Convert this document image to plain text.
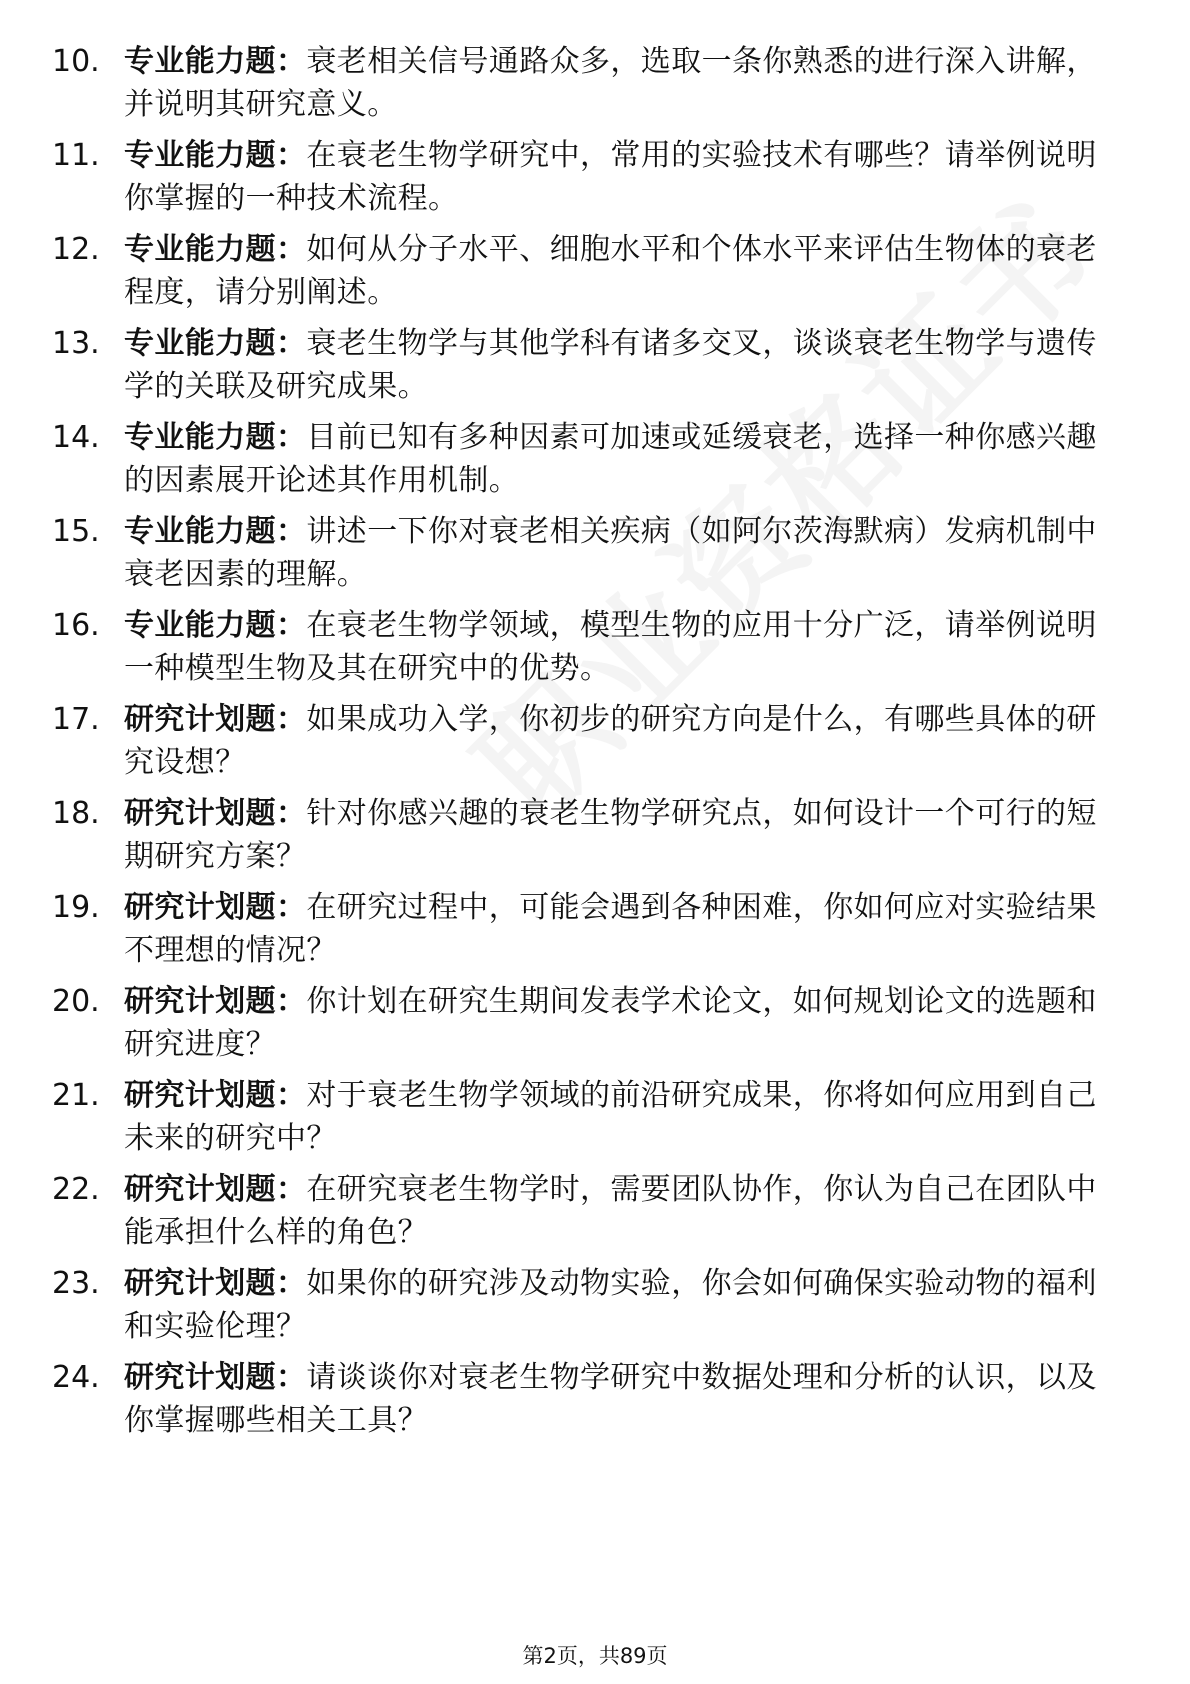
10. 专业能力题：衰老相关信号通路众多，选取一条你熟悉的进行深入讲解，并说明其研究意义。
11. 专业能力题：在衰老生物学研究中，常用的实验技术有哪些？请举例说明你掌握的一种技术流程。
12. 专业能力题：如何从分子水平、细胞水平和个体水平来评估生物体的衰老程度，请分别阐述。
13. 专业能力题：衰老生物学与其他学科有诸多交叉，谈谈衰老生物学与遗传学的关联及研究成果。
14. 专业能力题：目前已知有多种因素可加速或延缓衰老，选择一种你感兴趣的因素展开论述其作用机制。
15. 专业能力题：讲述一下你对衰老相关疾病（如阿尔茨海默病）发病机制中衰老因素的理解。
16. 专业能力题：在衰老生物学领域，模型生物的应用十分广泛，请举例说明一种模型生物及其在研究中的优势。
17. 研究计划题：如果成功入学，你初步的研究方向是什么，有哪些具体的研究设想？
18. 研究计划题：针对你感兴趣的衰老生物学研究点，如何设计一个可行的短期研究方案？
19. 研究计划题：在研究过程中，可能会遇到各种困难，你如何应对实验结果不理想的情况？
20. 研究计划题：你计划在研究生期间发表学术论文，如何规划论文的选题和研究进度？
21. 研究计划题：对于衰老生物学领域的前沿研究成果，你将如何应用到自己未来的研究中？
22. 研究计划题：在研究衰老生物学时，需要团队协作，你认为自己在团队中能承担什么样的角色？
23. 研究计划题：如果你的研究涉及动物实验，你会如何确保实验动物的福利和实验伦理？
24. 研究计划题：请谈谈你对衰老生物学研究中数据处理和分析的认识，以及你掌握哪些相关工具？
第2页，共89页
